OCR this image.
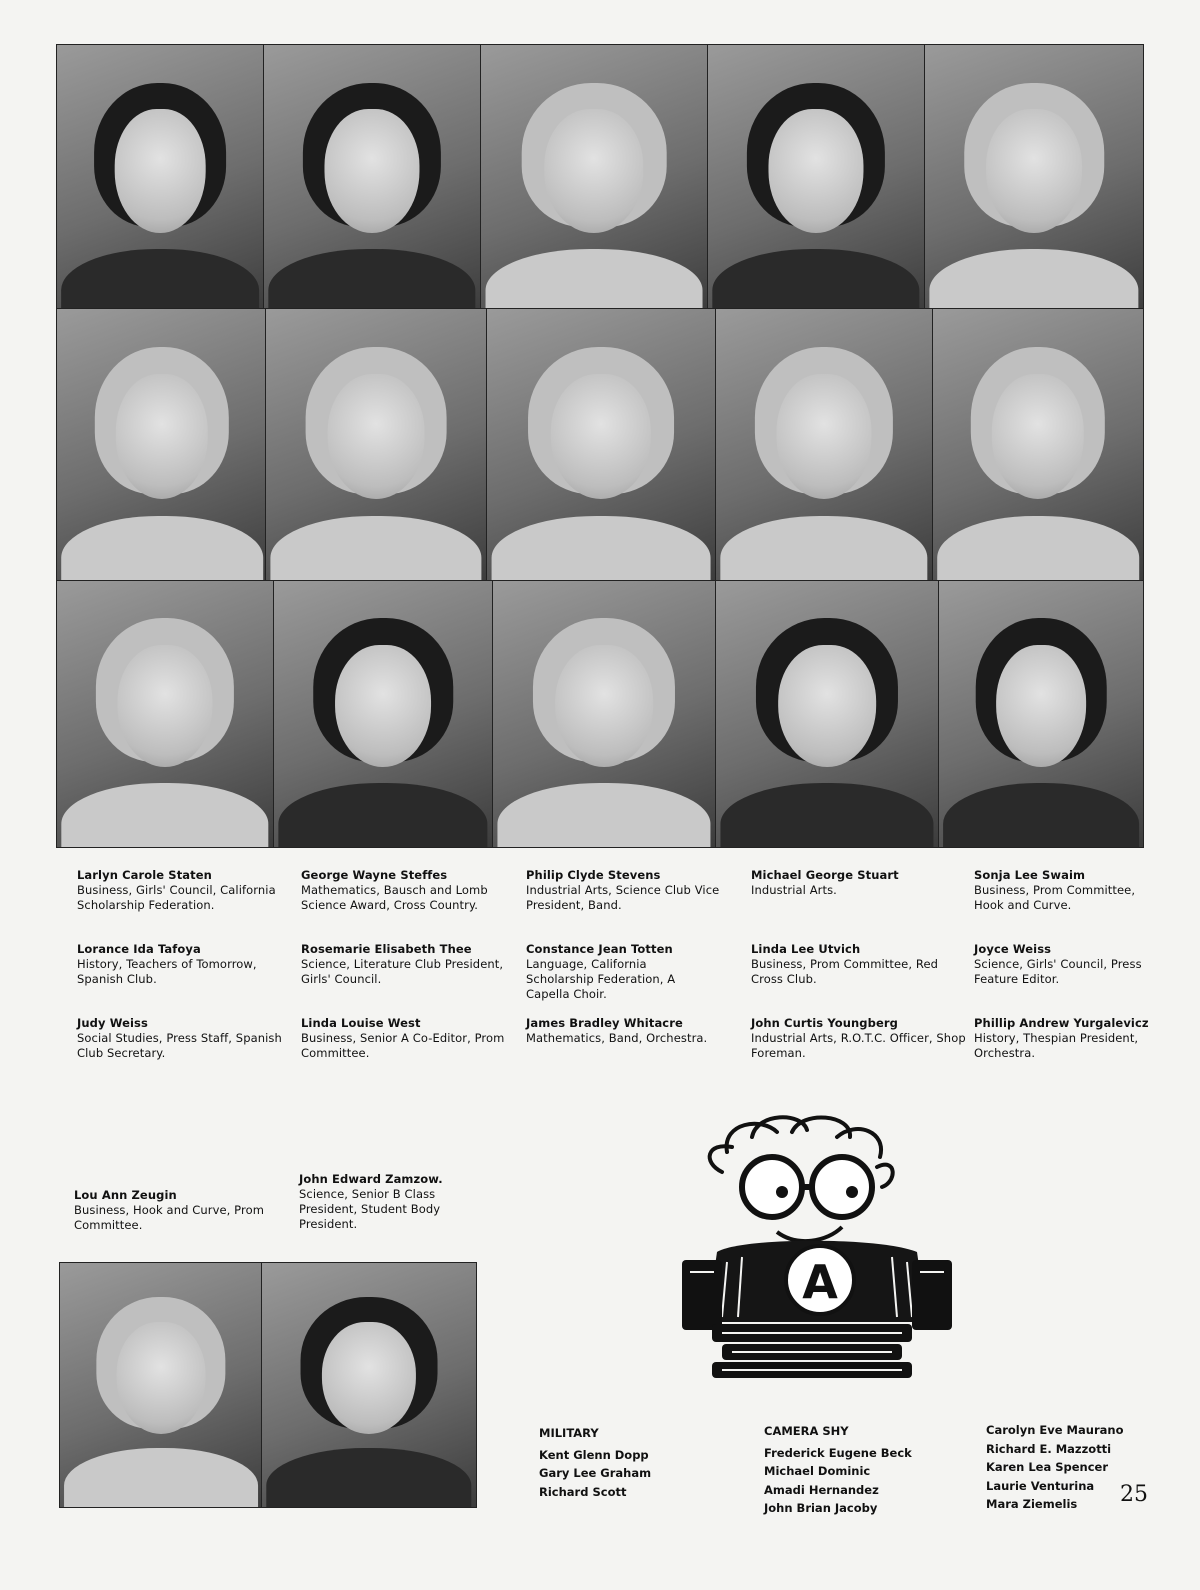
Larlyn Carole Staten
Business, Girls' Council, California Scholarship Federation.
George Wayne Steffes
Mathematics, Bausch and Lomb Science Award, Cross Country.
Philip Clyde Stevens
Industrial Arts, Science Club Vice President, Band.
Michael George Stuart
Industrial Arts.
Sonja Lee Swaim
Business, Prom Committee, Hook and Curve.
Lorance Ida Tafoya
History, Teachers of Tomorrow, Spanish Club.
Rosemarie Elisabeth Thee
Science, Literature Club President, Girls' Council.
Constance Jean Totten
Language, California Scholarship Federation, A Capella Choir.
Linda Lee Utvich
Business, Prom Committee, Red Cross Club.
Joyce Weiss
Science, Girls' Council, Press Feature Editor.
Judy Weiss
Social Studies, Press Staff, Spanish Club Secretary.
Linda Louise West
Business, Senior A Co-Editor, Prom Committee.
James Bradley Whitacre
Mathematics, Band, Orchestra.
John Curtis Youngberg
Industrial Arts, R.O.T.C. Officer, Shop Foreman.
Phillip Andrew Yurgalevicz
History, Thespian President, Orchestra.
Lou Ann Zeugin
Business, Hook and Curve, Prom Committee.
John Edward Zamzow.
Science, Senior B Class President, Student Body President.
A
MILITARY
Kent Glenn Dopp
Gary Lee Graham
Richard Scott
CAMERA SHY
Frederick Eugene Beck
Michael Dominic
Amadi Hernandez
John Brian Jacoby
Carolyn Eve Maurano
Richard E. Mazzotti
Karen Lea Spencer
Laurie Venturina
Mara Ziemelis	25
